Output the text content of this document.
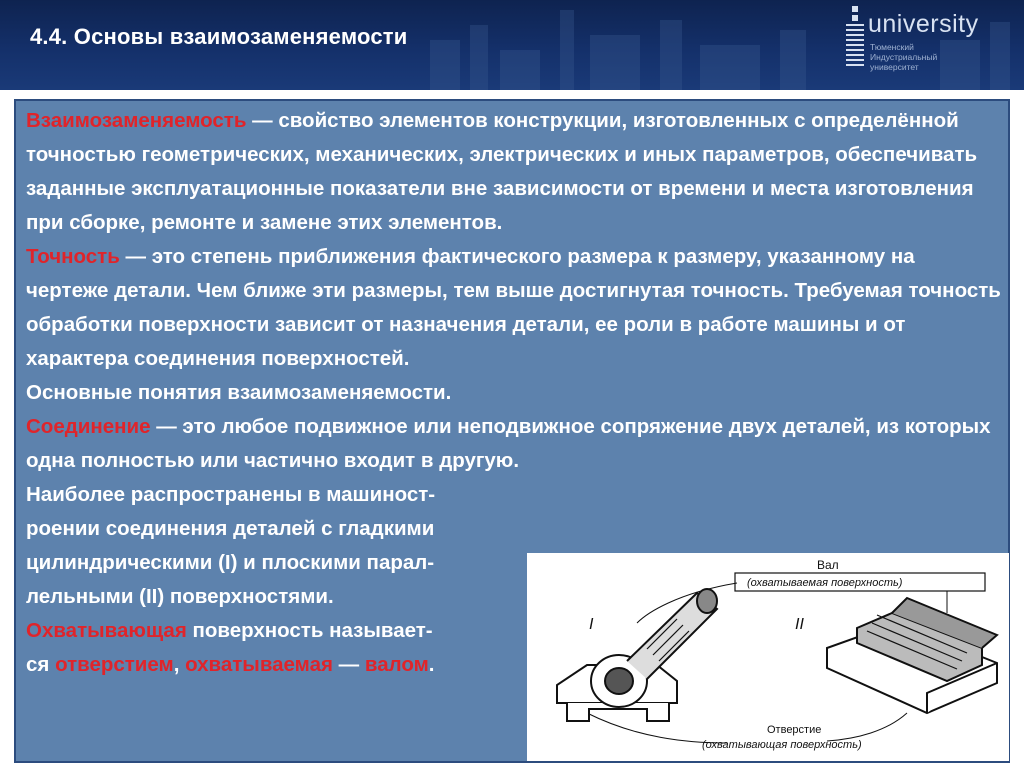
4.4. Основы взаимозаменяемости	university
Тюменский
Индустриальный
университет

Взаимозаменяемость — свойство элементов конструкции, изготовленных с определённой точностью геометрических, механических, электрических и иных параметров, обеспечивать заданные эксплуатационные показатели вне зависимости от времени и места изготовления при сборке, ремонте и замене этих элементов.

Точность — это степень приближения фактического размера к размеру, указанному на чертеже детали. Чем ближе эти размеры, тем выше достигнутая точность. Требуемая точность обработки поверхности зависит от назначения детали, ее роли в работе машины и от характера соединения поверхностей.

Основные понятия взаимозаменяемости.

Соединение — это любое подвижное или неподвижное сопряжение двух деталей, из которых одна полностью или частично входит в другую.

Наиболее распространены в машиност-
роении соединения деталей с гладкими
цилиндрическими (I) и плоскими парал-
лельными (II) поверхностями.

Охватывающая поверхность называет-
ся отверстием, охватываемая — валом.

Вал
(охватываемая поверхность)
Отверстие
(охватывающая поверхность)
I	II
